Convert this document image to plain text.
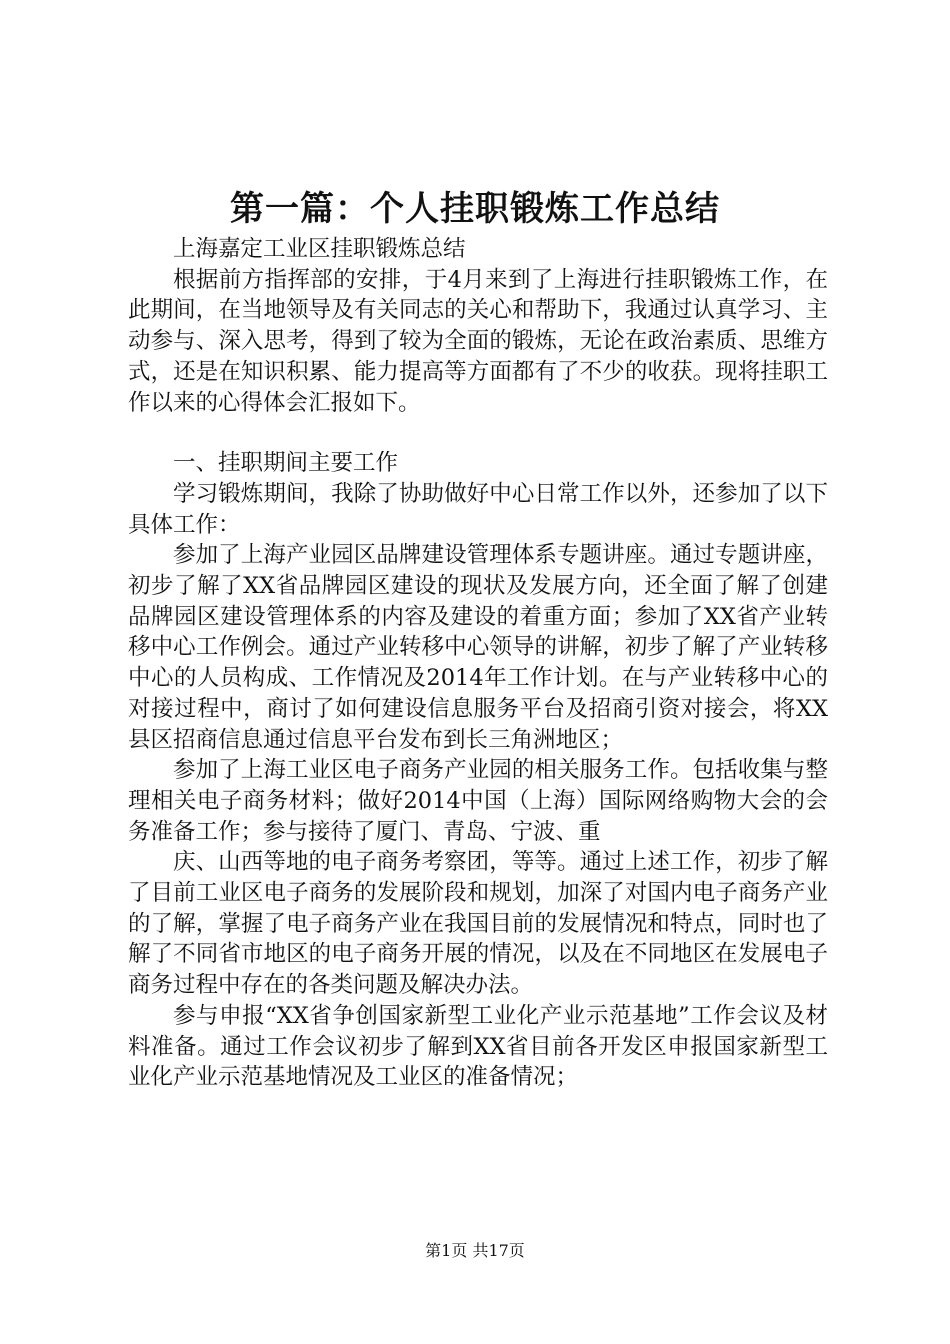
第一篇：个人挂职锻炼工作总结

上海嘉定工业区挂职锻炼总结

根据前方指挥部的安排，于4月来到了上海进行挂职锻炼工作，在此期间，在当地领导及有关同志的关心和帮助下，我通过认真学习、主动参与、深入思考，得到了较为全面的锻炼，无论在政治素质、思维方式，还是在知识积累、能力提高等方面都有了不少的收获。现将挂职工作以来的心得体会汇报如下。

一、挂职期间主要工作

学习锻炼期间，我除了协助做好中心日常工作以外，还参加了以下具体工作：

参加了上海产业园区品牌建设管理体系专题讲座。通过专题讲座，初步了解了XX省品牌园区建设的现状及发展方向，还全面了解了创建品牌园区建设管理体系的内容及建设的着重方面；参加了XX省产业转移中心工作例会。通过产业转移中心领导的讲解，初步了解了产业转移中心的人员构成、工作情况及2014年工作计划。在与产业转移中心的对接过程中，商讨了如何建设信息服务平台及招商引资对接会，将XX县区招商信息通过信息平台发布到长三角洲地区；

参加了上海工业区电子商务产业园的相关服务工作。包括收集与整理相关电子商务材料；做好2014中国（上海）国际网络购物大会的会务准备工作；参与接待了厦门、青岛、宁波、重

庆、山西等地的电子商务考察团，等等。通过上述工作，初步了解了目前工业区电子商务的发展阶段和规划，加深了对国内电子商务产业的了解，掌握了电子商务产业在我国目前的发展情况和特点，同时也了解了不同省市地区的电子商务开展的情况，以及在不同地区在发展电子商务过程中存在的各类问题及解决办法。

参与申报“XX省争创国家新型工业化产业示范基地”工作会议及材料准备。通过工作会议初步了解到XX省目前各开发区申报国家新型工业化产业示范基地情况及工业区的准备情况；

第1页 共17页
